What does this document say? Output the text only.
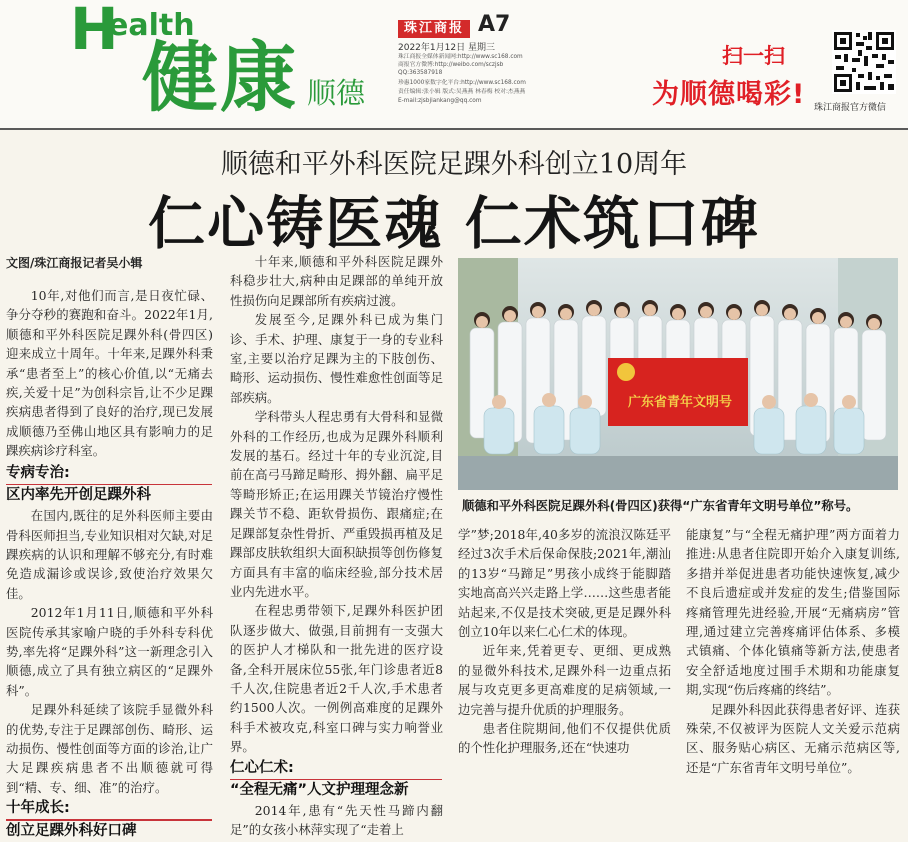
H
ealth
健康 顺德
珠江商报 A7
2022年1月12日 星期三
珠江商报全媒体新闻网:http://www.sc168.com
商报官方微博:http://weibo.com/sczjsb
QQ:363587918
珍惠1000家数字化平台:http://www.sc168.com
责任编辑:张小辑 版式:吴燕燕 林春梅 校对:杰燕燕
E-mail:zjsbjiankang@qq.com
扫一扫
为顺德喝彩! 珠江商报官方微信
顺德和平外科医院足踝外科创立10周年
仁心铸医魂 仁术筑口碑
文图/珠江商报记者吴小辑

10年,对他们而言,是日夜忙碌、争分夺秒的赛跑和奋斗。2022年1月,顺德和平外科医院足踝外科(骨四区)迎来成立十周年。十年来,足踝外科秉承“患者至上”的核心价值,以“无痛去疾,关爱十足”为创科宗旨,让不少足踝疾病患者得到了良好的治疗,现已发展成顺德乃至佛山地区具有影响力的足踝疾病诊疗科室。

专病专治:
区内率先开创足踝外科

在国内,既往的足外科医师主要由骨科医师担当,专业知识相对欠缺,对足踝疾病的认识和理解不够充分,有时难免造成漏诊或误诊,致使治疗效果欠佳。

2012年1月11日,顺德和平外科医院传承其家喻户晓的手外科专科优势,率先将“足踝外科”这一新理念引入顺德,成立了具有独立病区的“足踝外科”。

足踝外科延续了该院手显微外科的优势,专注于足踝部创伤、畸形、运动损伤、慢性创面等方面的诊治,让广大足踝疾病患者不出顺德就可得到“精、专、细、准”的治疗。

十年成长:
创立足踝外科好口碑

十年来,顺德和平外科医院足踝外科稳步壮大,病种由足踝部的单纯开放性损伤向足踝部所有疾病过渡。

发展至今,足踝外科已成为集门诊、手术、护理、康复于一身的专业科室,主要以治疗足踝为主的下肢创伤、畸形、运动损伤、慢性难愈性创面等足部疾病。

学科带头人程忠勇有大骨科和显微外科的工作经历,也成为足踝外科顺利发展的基石。经过十年的专业沉淀,目前在高弓马蹄足畸形、拇外翻、扁平足等畸形矫正;在运用踝关节镜治疗慢性踝关节不稳、距软骨损伤、跟痛症;在足踝部复杂性骨折、严重毁损再植及足踝部皮肤软组织大面积缺损等创伤修复方面具有丰富的临床经验,部分技术居业内先进水平。

在程忠勇带领下,足踝外科医护团队逐步做大、做强,目前拥有一支强大的医护人才梯队和一批先进的医疗设备,全科开展床位55张,年门诊患者近8千人次,住院患者近2千人次,手术患者约1500人次。一例例高难度的足踝外科手术被攻克,科室口碑与实力响誉业界。

仁心仁术:
“全程无痛”人文护理理念新

2014年,患有“先天性马蹄内翻足”的女孩小林萍实现了“走着上

广东省青年文明号
顺德和平外科医院足踝外科(骨四区)获得“广东省青年文明号单位”称号。

学”梦;2018年,40多岁的流浪汉陈廷平经过3次手术后保命保肢;2021年,潮汕的13岁“马蹄足”男孩小成终于能脚踏实地高高兴兴走路上学……这些患者能站起来,不仅是技术突破,更是足踝外科创立10年以来仁心仁术的体现。

近年来,凭着更专、更细、更成熟的显微外科技术,足踝外科一边重点拓展与攻克更多更高难度的足病领域,一边完善与提升优质的护理服务。

患者住院期间,他们不仅提供优质的个性化护理服务,还在“快速功

能康复”与“全程无痛护理”两方面着力推进:从患者住院即开始介入康复训练,多措并举促进患者功能快速恢复,减少不良后遗症或并发症的发生;借鉴国际疼痛管理先进经验,开展“无痛病房”管理,通过建立完善疼痛评估体系、多模式镇痛、个体化镇痛等新方法,使患者安全舒适地度过围手术期和功能康复期,实现“伤后疼痛的终结”。

足踝外科因此获得患者好评、连获殊荣,不仅被评为医院人文关爱示范病区、服务贴心病区、无痛示范病区等,还是“广东省青年文明号单位”。
